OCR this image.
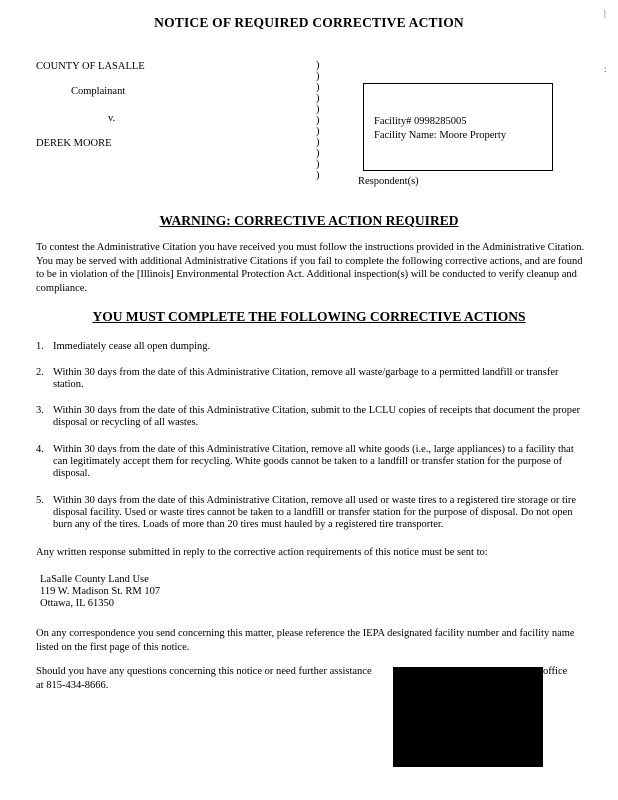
NOTICE OF REQUIRED CORRECTIVE ACTION
COUNTY OF LASALLE
Complainant
v.
DEREK MOORE
)
)
)
)
)
)
)
)
)
)
)
Facility# 0998285005
Facility Name: Moore Property
Respondent(s)
WARNING: CORRECTIVE ACTION REQUIRED
To contest the Administrative Citation you have received you must follow the instructions provided in the Administrative Citation. You may be served with additional Administrative Citations if you fail to complete the following corrective actions, and are found to be in violation of the [Illinois] Environmental Protection Act. Additional inspection(s) will be conducted to verify cleanup and compliance.
YOU MUST COMPLETE THE FOLLOWING CORRECTIVE ACTIONS
1. Immediately cease all open dumping.
2. Within 30 days from the date of this Administrative Citation, remove all waste/garbage to a permitted landfill or transfer station.
3. Within 30 days from the date of this Administrative Citation, submit to the LCLU copies of receipts that document the proper disposal or recycling of all wastes.
4. Within 30 days from the date of this Administrative Citation, remove all white goods (i.e., large appliances) to a facility that can legitimately accept them for recycling. White goods cannot be taken to a landfill or transfer station for the purpose of disposal.
5. Within 30 days from the date of this Administrative Citation, remove all used or waste tires to a registered tire storage or tire disposal facility. Used or waste tires cannot be taken to a landfill or transfer station for the purpose of disposal. Do not open burn any of the tires. Loads of more than 20 tires must hauled by a registered tire transporter.
Any written response submitted in reply to the corrective action requirements of this notice must be sent to:
LaSalle County Land Use
119 W. Madison St. RM 107
Ottawa, IL 61350
On any correspondence you send concerning this matter, please reference the IEPA designated facility number and facility name listed on the first page of this notice.
Should you have any questions concerning this notice or need further assistance	office
at 815-434-8666.
|
:
